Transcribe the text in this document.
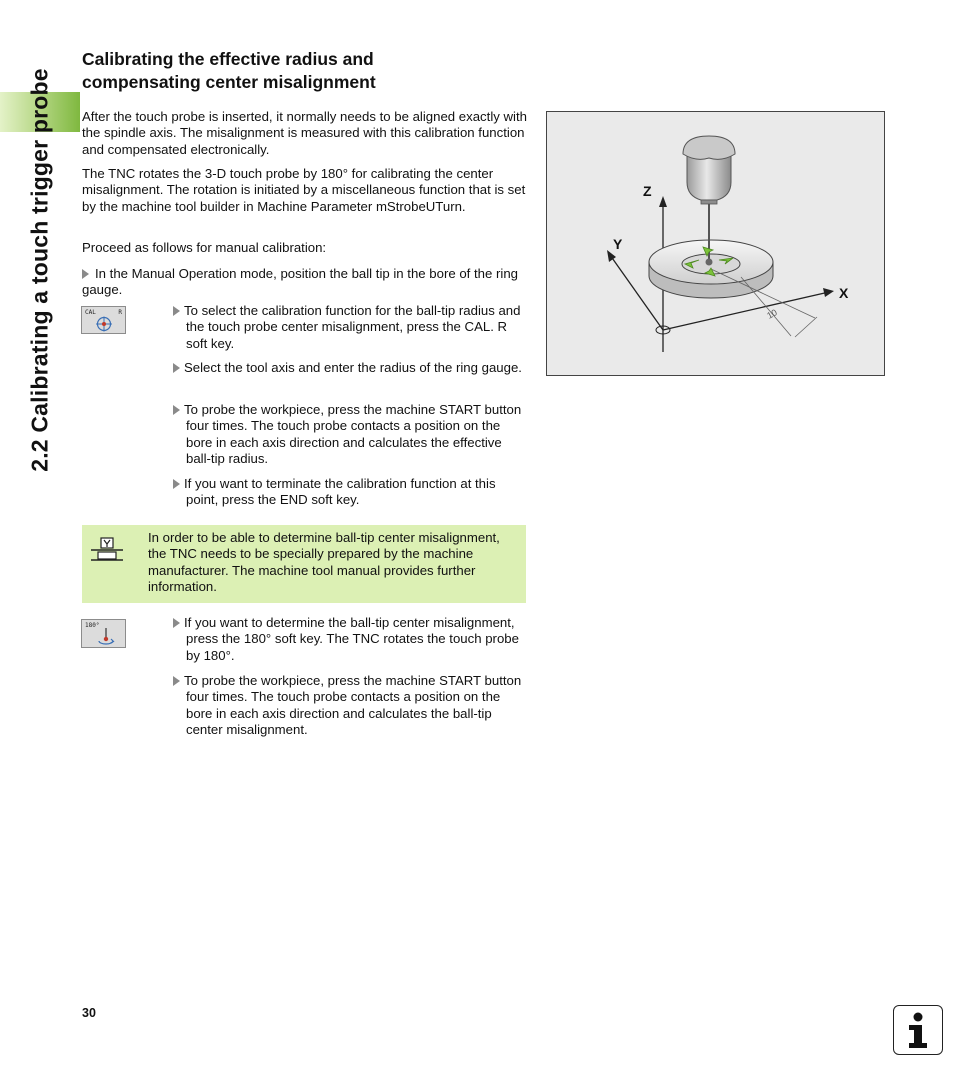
2.2 Calibrating a touch trigger probe
Calibrating the effective radius and
compensating center misalignment

After the touch probe is inserted, it normally needs to be aligned exactly with the spindle axis. The misalignment is measured with this calibration function and compensated electronically.

The TNC rotates the 3-D touch probe by 180° for calibrating the center misalignment. The rotation is initiated by a miscellaneous function that is set by the machine tool builder in Machine Parameter mStrobeUTurn.

Proceed as follows for manual calibration:

In the Manual Operation mode, position the ball tip in the bore of the ring gauge.
CAL	R	To select the calibration function for the ball-tip radius and the touch probe center misalignment, press the CAL. R soft key.
Select the tool axis and enter the radius of the ring gauge.
To probe the workpiece, press the machine START button four times. The touch probe contacts a position on the bore in each axis direction and calculates the effective ball-tip radius.
If you want to terminate the calibration function at this point, press the END soft key.
In order to be able to determine ball-tip center misalignment, the TNC needs to be specially prepared by the machine manufacturer. The machine tool manual provides further information.
180°	If you want to determine the ball-tip center misalignment, press the 180° soft key. The TNC rotates the touch probe by 180°.
To probe the workpiece, press the machine START button four times. The touch probe contacts a position on the bore in each axis direction and calculates the ball-tip center misalignment.
10
Z
Y
X
30
